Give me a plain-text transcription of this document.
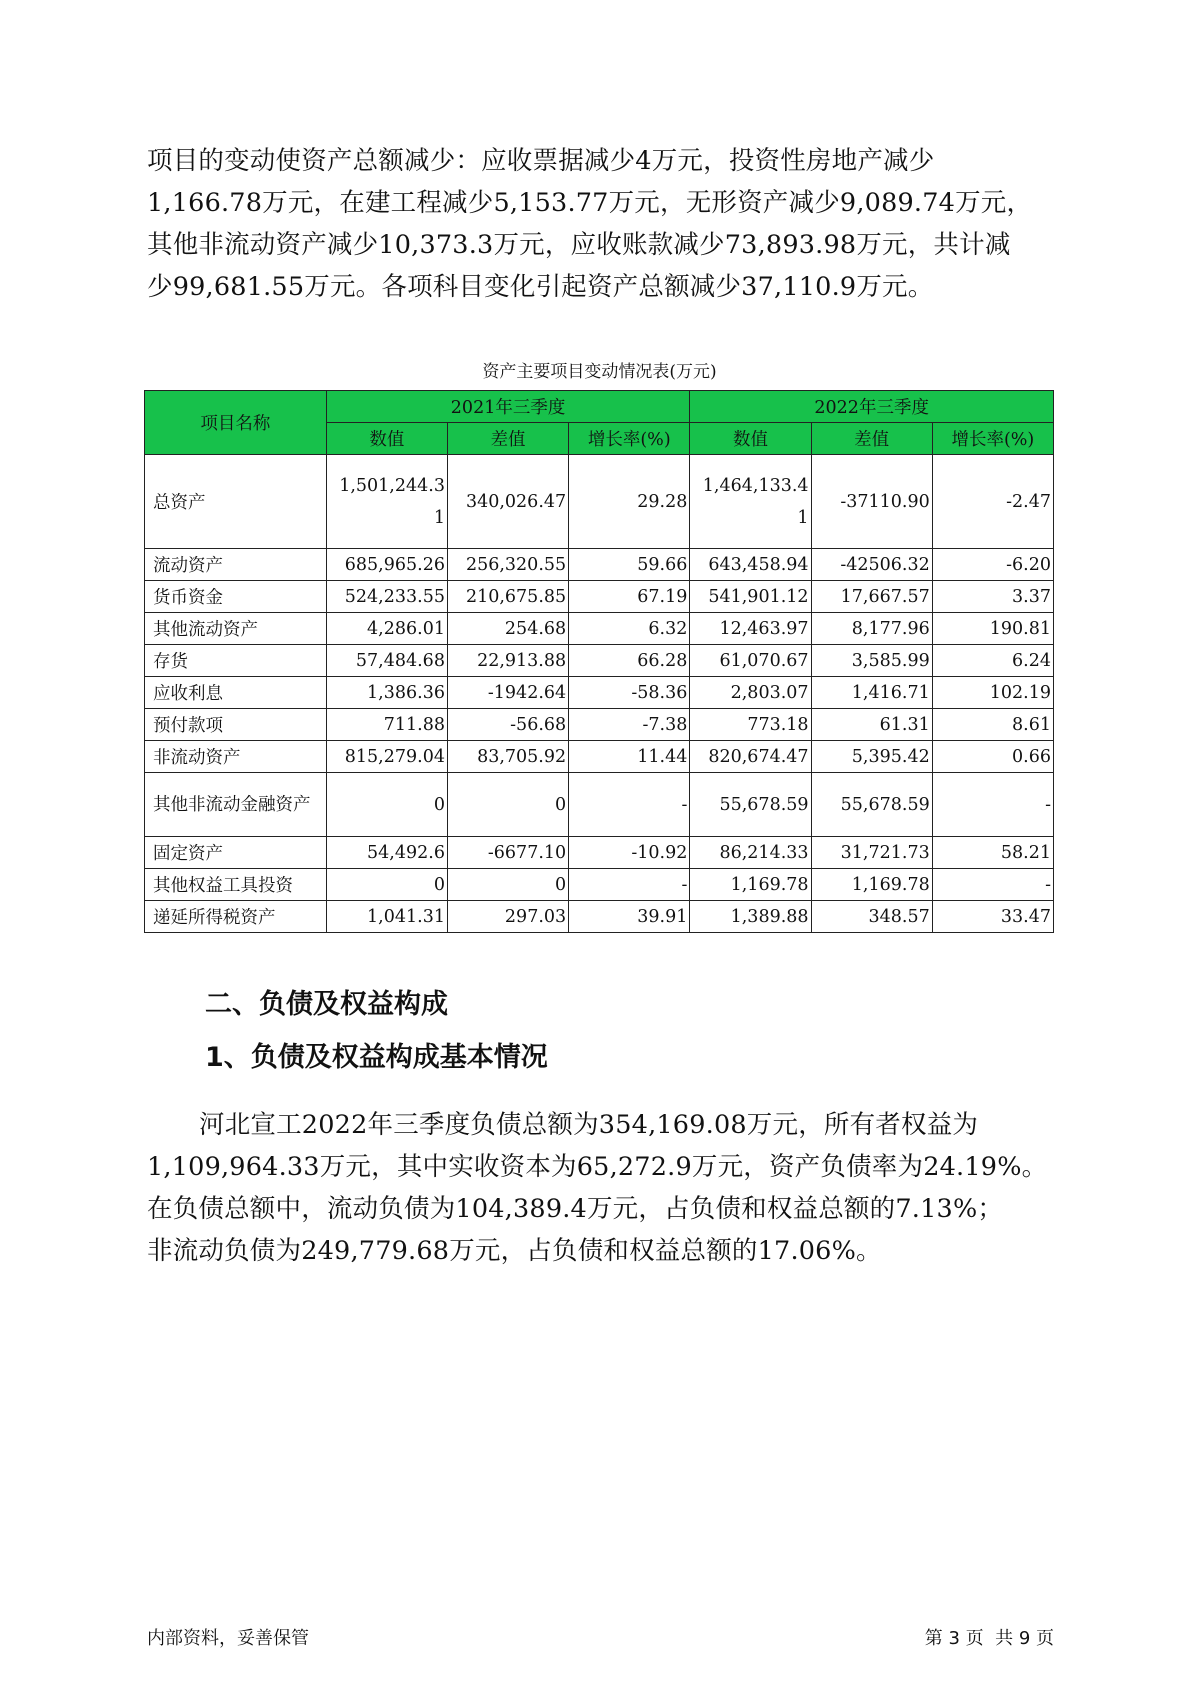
项目的变动使资产总额减少：应收票据减少4万元，投资性房地产减少
1,166.78万元，在建工程减少5,153.77万元，无形资产减少9,089.74万元，
其他非流动资产减少10,373.3万元，应收账款减少73,893.98万元，共计减
少99,681.55万元。各项科目变化引起资产总额减少37,110.9万元。
资产主要项目变动情况表(万元)
项目名称	2021年三季度			2022年三季度		
	数值	差值	增长率(%)	数值	差值	增长率(%)
总资产	1,501,244.31	340,026.47	29.28	1,464,133.41	-37110.90	-2.47
流动资产	685,965.26	256,320.55	59.66	643,458.94	-42506.32	-6.20
货币资金	524,233.55	210,675.85	67.19	541,901.12	17,667.57	3.37
其他流动资产	4,286.01	254.68	6.32	12,463.97	8,177.96	190.81
存货	57,484.68	22,913.88	66.28	61,070.67	3,585.99	6.24
应收利息	1,386.36	-1942.64	-58.36	2,803.07	1,416.71	102.19
预付款项	711.88	-56.68	-7.38	773.18	61.31	8.61
非流动资产	815,279.04	83,705.92	11.44	820,674.47	5,395.42	0.66
其他非流动金融资产	0	0	-	55,678.59	55,678.59	-
固定资产	54,492.6	-6677.10	-10.92	86,214.33	31,721.73	58.21
其他权益工具投资	0	0	-	1,169.78	1,169.78	-
递延所得税资产	1,041.31	297.03	39.91	1,389.88	348.57	33.47
二、负债及权益构成
1、负债及权益构成基本情况
河北宣工2022年三季度负债总额为354,169.08万元，所有者权益为
1,109,964.33万元，其中实收资本为65,272.9万元，资产负债率为24.19%。
在负债总额中，流动负债为104,389.4万元，占负债和权益总额的7.13%；
非流动负债为249,779.68万元，占负债和权益总额的17.06%。
内部资料，妥善保管	第 3 页  共 9 页
